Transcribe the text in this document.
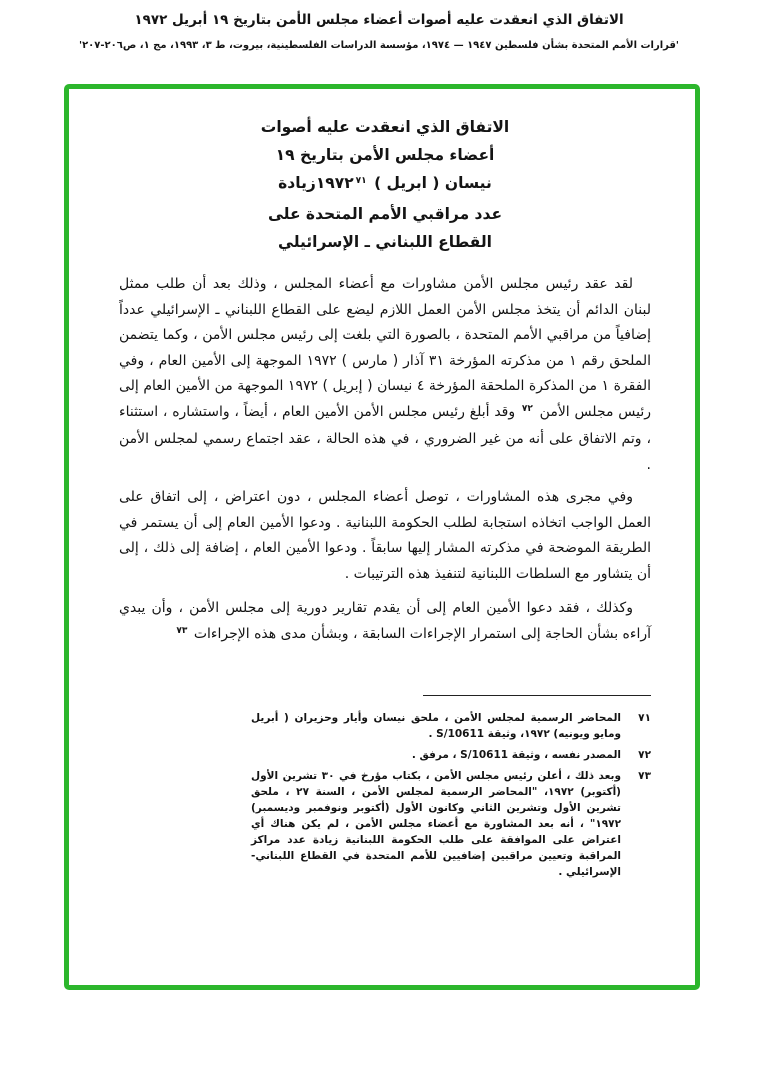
الاتفاق الذي انعقدت عليه أصوات أعضاء مجلس الأمن بتاريخ ١٩ أبريل ١٩٧٢
'قرارات الأمم المتحدة بشأن فلسطين ١٩٤٧ — ١٩٧٤، مؤسسة الدراسات الفلسطينية، بيروت، ط ٣، ١٩٩٣، مج ١، ص٢٠٦-٢٠٧'
الاتفاق الذي انعقدت عليه أصوات
أعضاء مجلس الأمن بتاريخ ١٩
نيسان ( ابريل ) ١٩٧٢$^{٧١}$زيادة
عدد مراقبي الأمم المتحدة على
القطاع اللبناني ـ الإسرائيلي

لقد عقد رئيس مجلس الأمن مشاورات مع أعضاء المجلس ، وذلك بعد أن طلب ممثل لبنان الدائم أن يتخذ مجلس الأمن العمل اللازم ليضع على القطاع اللبناني ـ الإسرائيلي عدداً إضافياً من مراقبي الأمم المتحدة ، بالصورة التي بلغت إلى رئيس مجلس الأمن ، وكما يتضمن الملحق رقم ١ من مذكرته المؤرخة ٣١ آذار ( مارس ) ١٩٧٢ الموجهة إلى الأمين العام ، وفي الفقرة ١ من المذكرة الملحقة المؤرخة ٤ نيسان ( إبريل ) ١٩٧٢ الموجهة من الأمين العام إلى رئيس مجلس الأمن $^{٧٢}$ وقد أبلغ رئيس مجلس الأمن الأمين العام ، أيضاً ، واستشاره ، استثناء ، وتم الاتفاق على أنه من غير الضروري ، في هذه الحالة ، عقد اجتماع رسمي لمجلس الأمن .

وفي مجرى هذه المشاورات ، توصل أعضاء المجلس ، دون اعتراض ، إلى اتفاق على العمل الواجب اتخاذه استجابة لطلب الحكومة اللبنانية . ودعوا الأمين العام إلى أن يستمر في الطريقة الموضحة في مذكرته المشار إليها سابقاً . ودعوا الأمين العام ، إضافة إلى ذلك ، إلى أن يتشاور مع السلطات اللبنانية لتنفيذ هذه الترتيبات .

وكذلك ، فقد دعوا الأمين العام إلى أن يقدم تقارير دورية إلى مجلس الأمن ، وأن يبدي آراءه بشأن الحاجة إلى استمرار الإجراءات السابقة ، وبشأن مدى هذه الإجراءات $^{٧٣}$

٧١
المحاضر الرسمية لمجلس الأمن ، ملحق نيسان وأيار وحزيران ( أبريل ومايو ويونيه) ١٩٧٢، وثيقة S/10611 .
٧٢
المصدر نفسه ، وثيقة S/10611 ، مرفق .
٧٣
وبعد ذلك ، أعلن رئيس مجلس الأمن ، بكتاب مؤرخ في ٣٠ تشرين الأول (أكتوبر) ١٩٧٢، "المحاضر الرسمية لمجلس الأمن ، السنة ٢٧ ، ملحق تشرين الأول وتشرين الثاني وكانون الأول (أكتوبر ونوفمبر وديسمبر) ١٩٧٢" ، أنه بعد المشاورة مع أعضاء مجلس الأمن ، لم يكن هناك أي اعتراض على الموافقة على طلب الحكومة اللبنانية زيادة عدد مراكز المراقبة وتعيين مراقبين إضافيين للأمم المتحدة في القطاع اللبناني- الإسرائيلي .
